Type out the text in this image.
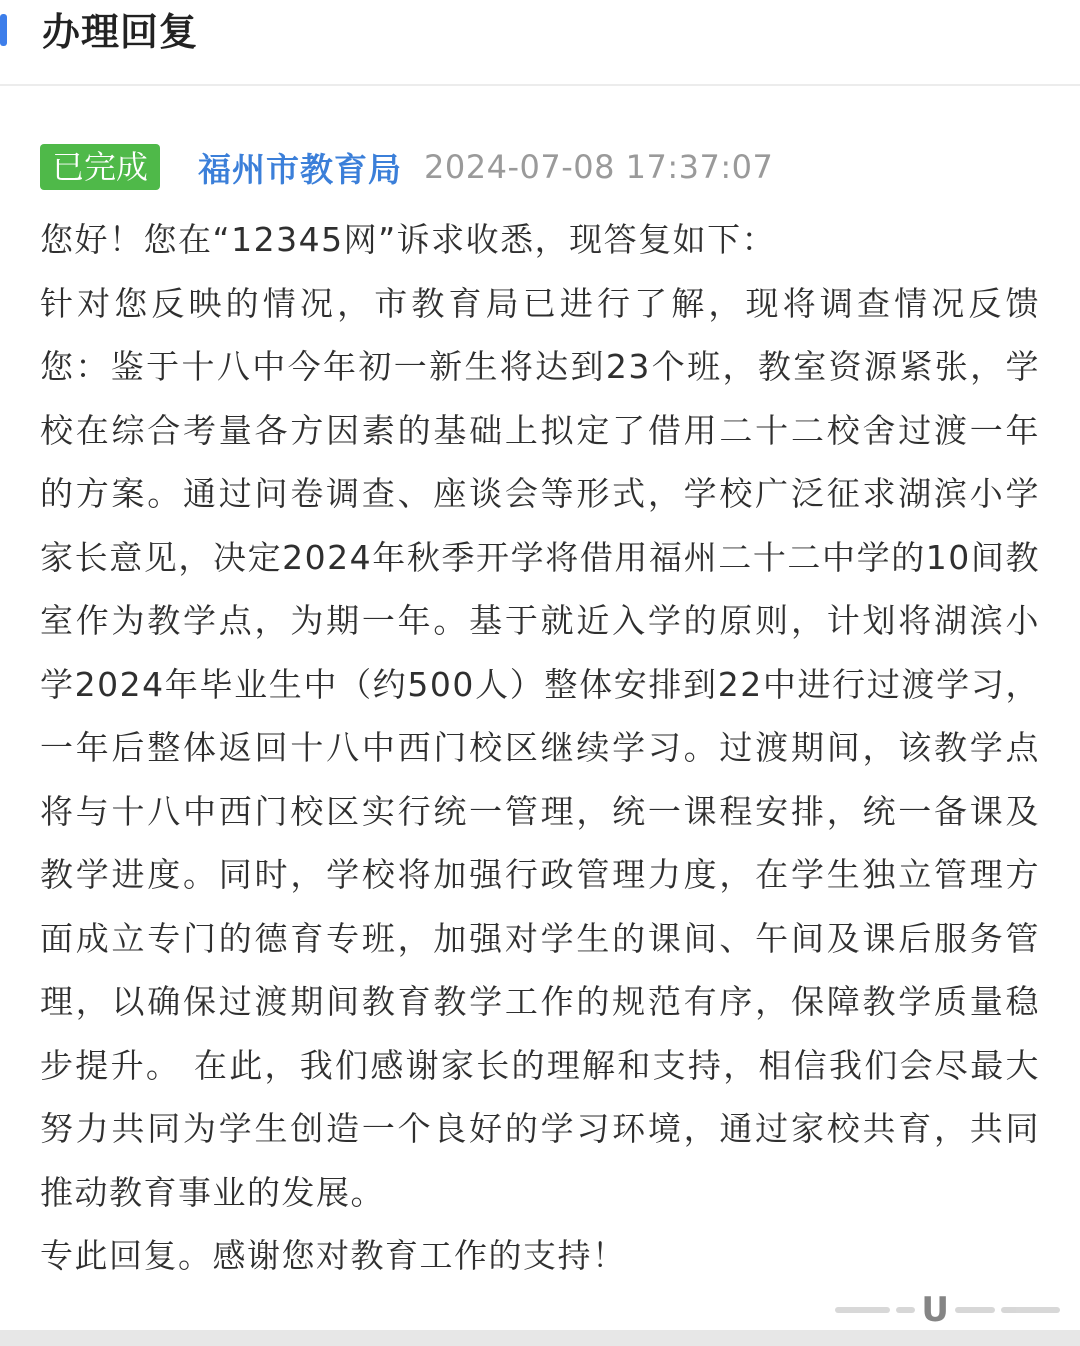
办理回复
已完成	福州市教育局 2024-07-08 17:37:07

您好！您在“12345网”诉求收悉，现答复如下：

针对您反映的情况，市教育局已进行了解，现将调查情况反馈您：鉴于十八中今年初一新生将达到23个班，教室资源紧张，学校在综合考量各方因素的基础上拟定了借用二十二校舍过渡一年的方案。通过问卷调查、座谈会等形式，学校广泛征求湖滨小学家长意见，决定2024年秋季开学将借用福州二十二中学的10间教室作为教学点，为期一年。基于就近入学的原则，计划将湖滨小学2024年毕业生中（约500人）整体安排到22中进行过渡学习，一年后整体返回十八中西门校区继续学习。过渡期间，该教学点将与十八中西门校区实行统一管理，统一课程安排，统一备课及教学进度。同时，学校将加强行政管理力度，在学生独立管理方面成立专门的德育专班，加强对学生的课间、午间及课后服务管理，以确保过渡期间教育教学工作的规范有序，保障教学质量稳步提升。 在此，我们感谢家长的理解和支持，相信我们会尽最大努力共同为学生创造一个良好的学习环境，通过家校共育，共同推动教育事业的发展。

专此回复。感谢您对教育工作的支持！

U
